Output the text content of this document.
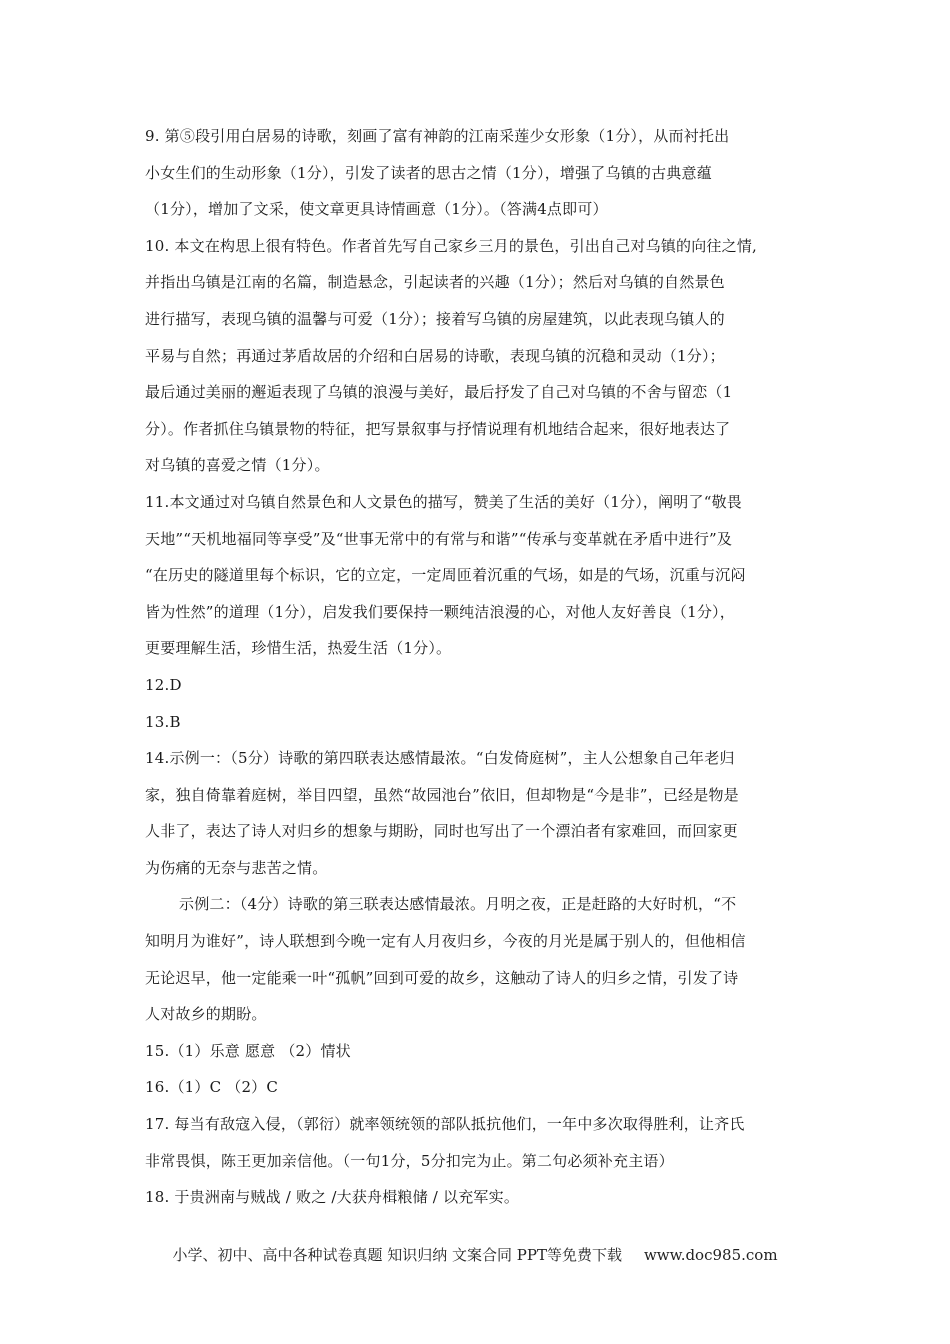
9. 第⑤段引用白居易的诗歌，刻画了富有神韵的江南采莲少女形象（1分），从而衬托出
小女生们的生动形象（1分），引发了读者的思古之情（1分），增强了乌镇的古典意蕴
（1分），增加了文采，使文章更具诗情画意（1分）。（答满4点即可）
10. 本文在构思上很有特色。作者首先写自己家乡三月的景色，引出自己对乌镇的向往之情,
并指出乌镇是江南的名篇，制造悬念，引起读者的兴趣（1分）；然后对乌镇的自然景色
进行描写，表现乌镇的温馨与可爱（1分）；接着写乌镇的房屋建筑，以此表现乌镇人的
平易与自然；再通过茅盾故居的介绍和白居易的诗歌，表现乌镇的沉稳和灵动（1分）；
最后通过美丽的邂逅表现了乌镇的浪漫与美好，最后抒发了自己对乌镇的不舍与留恋（1
分）。作者抓住乌镇景物的特征，把写景叙事与抒情说理有机地结合起来，很好地表达了
对乌镇的喜爱之情（1分）。
11.本文通过对乌镇自然景色和人文景色的描写，赞美了生活的美好（1分），阐明了“敬畏
天地”“天机地福同等享受”及“世事无常中的有常与和谐”“传承与变革就在矛盾中进行”及
“在历史的隧道里每个标识，它的立定，一定周匝着沉重的气场，如是的气场，沉重与沉闷
皆为性然”的道理（1分），启发我们要保持一颗纯洁浪漫的心，对他人友好善良（1分），
更要理解生活，珍惜生活，热爱生活（1分）。
12.D
13.B
14.示例一：（5分）诗歌的第四联表达感情最浓。“白发倚庭树”，主人公想象自己年老归
家，独自倚靠着庭树，举目四望，虽然“故园池台”依旧，但却物是“今是非”，已经是物是
人非了，表达了诗人对归乡的想象与期盼，同时也写出了一个漂泊者有家难回，而回家更
为伤痛的无奈与悲苦之情。
示例二：（4分）诗歌的第三联表达感情最浓。月明之夜，正是赶路的大好时机，“不
知明月为谁好”，诗人联想到今晚一定有人月夜归乡，今夜的月光是属于别人的，但他相信
无论迟早，他一定能乘一叶“孤帆”回到可爱的故乡，这触动了诗人的归乡之情，引发了诗
人对故乡的期盼。
15.（1）乐意 愿意 （2）情状
16.（1）C （2）C
17. 每当有敌寇入侵，（郭衍）就率领统领的部队抵抗他们，一年中多次取得胜利，让齐氏
非常畏惧，陈王更加亲信他。（一句1分，5分扣完为止。第二句必须补充主语）
18. 于贵洲南与贼战 / 败之 /大获舟楫粮储 / 以充军实。
小学、初中、高中各种试卷真题 知识归纳 文案合同 PPT等免费下载 www.doc985.com
